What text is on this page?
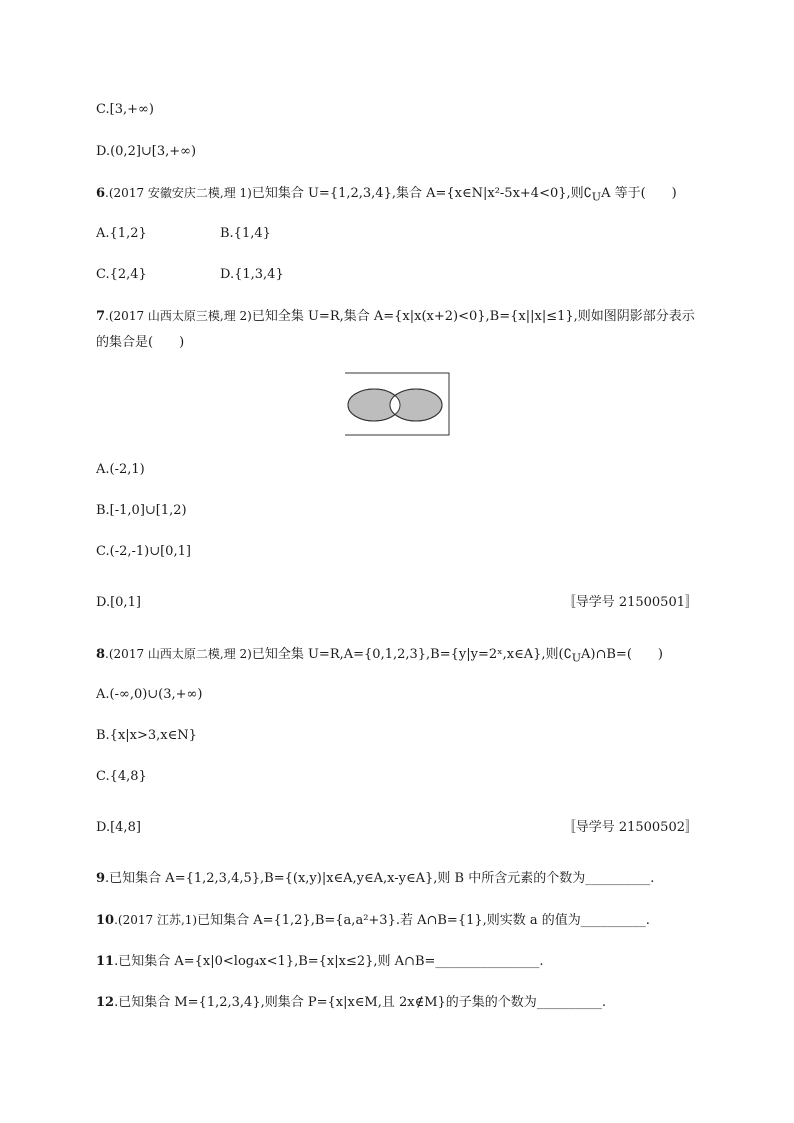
C.[3,+∞)
D.(0,2]∪[3,+∞)
6.(2017 安徽安庆二模,理 1)已知集合 U={1,2,3,4},集合 A={x∈N|x²-5x+4<0},则$∁_UA$ 等于(　　)
A.{1,2}	B.{1,4}
C.{2,4}	D.{1,3,4}
7.(2017 山西太原三模,理 2)已知全集 U=R,集合 A={x|x(x+2)<0},B={x||x|≤1},则如图阴影部分表示
的集合是(　　)
A.(-2,1)
B.[-1,0]∪[1,2)
C.(-2,-1)∪[0,1]
D.[0,1]	〚导学号 21500501〛
8.(2017 山西太原二模,理 2)已知全集 U=R,A={0,1,2,3},B={y|y=2ˣ,x∈A},则$(∁_UA)\cap B=$(　　)
A.(-∞,0)∪(3,+∞)
B.{x|x>3,x∈N}
C.{4,8}
D.[4,8]	〚导学号 21500502〛
9.已知集合 A={1,2,3,4,5},B={(x,y)|x∈A,y∈A,x-y∈A},则 B 中所含元素的个数为__________.
10.(2017 江苏,1)已知集合 A={1,2},B={a,a²+3}.若 A∩B={1},则实数 a 的值为__________.
11.已知集合 A={x|0<log₄x<1},B={x|x≤2},则 A∩B=________________.
12.已知集合 M={1,2,3,4},则集合 P={x|x∈M,且 2x∉M}的子集的个数为__________.
